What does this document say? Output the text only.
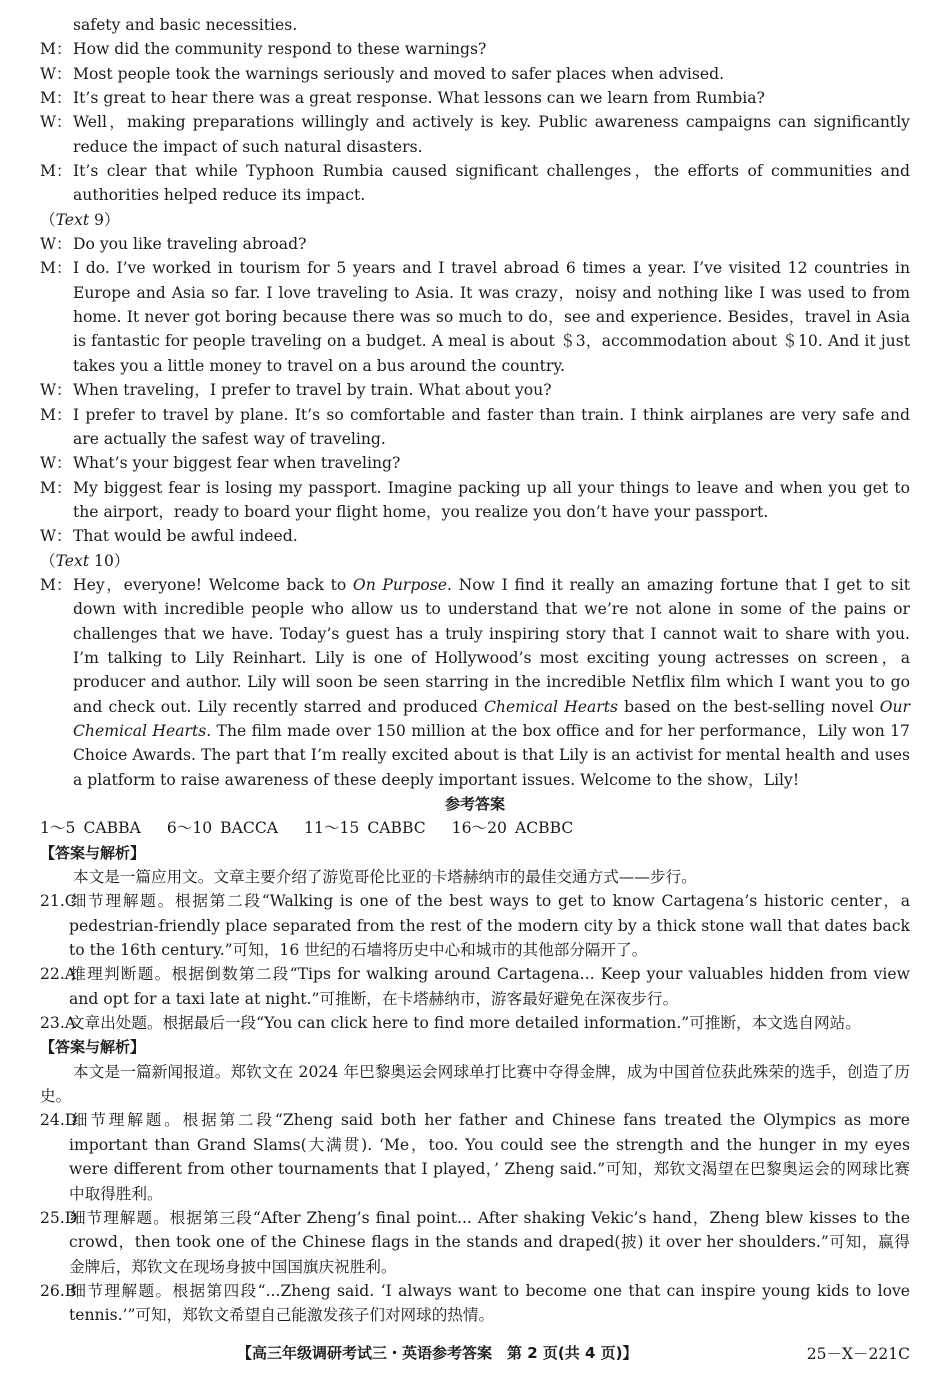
safety and basic necessities.
M：How did the community respond to these warnings?
W：Most people took the warnings seriously and moved to safer places when advised.
M：It’s great to hear there was a great response. What lessons can we learn from Rumbia?
W：Well，making preparations willingly and actively is key. Public awareness campaigns can significantly reduce the impact of such natural disasters.
M：It’s clear that while Typhoon Rumbia caused significant challenges，the efforts of communities and authorities helped reduce its impact.
（Text 9）
W：Do you like traveling abroad?
M：I do. I’ve worked in tourism for 5 years and I travel abroad 6 times a year. I’ve visited 12 countries in Europe and Asia so far. I love traveling to Asia. It was crazy，noisy and nothing like I was used to from home. It never got boring because there was so much to do，see and experience. Besides，travel in Asia is fantastic for people traveling on a budget. A meal is about ＄3，accommodation about ＄10. And it just takes you a little money to travel on a bus around the country.
W：When traveling，I prefer to travel by train. What about you?
M：I prefer to travel by plane. It’s so comfortable and faster than train. I think airplanes are very safe and are actually the safest way of traveling.
W：What’s your biggest fear when traveling?
M：My biggest fear is losing my passport. Imagine packing up all your things to leave and when you get to the airport，ready to board your flight home，you realize you don’t have your passport.
W：That would be awful indeed.
（Text 10）
M：Hey，everyone! Welcome back to On Purpose. Now I find it really an amazing fortune that I get to sit down with incredible people who allow us to understand that we’re not alone in some of the pains or challenges that we have. Today’s guest has a truly inspiring story that I cannot wait to share with you. I’m talking to Lily Reinhart. Lily is one of Hollywood’s most exciting young actresses on screen，a producer and author. Lily will soon be seen starring in the incredible Netflix film which I want you to go and check out. Lily recently starred and produced Chemical Hearts based on the best-selling novel Our Chemical Hearts. The film made over 150 million at the box office and for her performance，Lily won 17 Choice Awards. The part that I’m really excited about is that Lily is an activist for mental health and uses a platform to raise awareness of these deeply important issues. Welcome to the show，Lily!
参考答案
1～5 CABBA 6～10 BACCA 11～15 CABBC 16～20 ACBBC
【答案与解析】
本文是一篇应用文。文章主要介绍了游览哥伦比亚的卡塔赫纳市的最佳交通方式——步行。
21.C细节理解题。根据第二段“Walking is one of the best ways to get to know Cartagena’s historic center，a pedestrian-friendly place separated from the rest of the modern city by a thick stone wall that dates back to the 16th century.”可知，16 世纪的石墙将历史中心和城市的其他部分隔开了。
22.A推理判断题。根据倒数第二段“Tips for walking around Cartagena... Keep your valuables hidden from view and opt for a taxi late at night.”可推断，在卡塔赫纳市，游客最好避免在深夜步行。
23.A文章出处题。根据最后一段“You can click here to find more detailed information.”可推断，本文选自网站。
【答案与解析】
本文是一篇新闻报道。郑钦文在 2024 年巴黎奥运会网球单打比赛中夺得金牌，成为中国首位获此殊荣的选手，创造了历史。
24.D细节理解题。根据第二段“Zheng said both her father and Chinese fans treated the Olympics as more important than Grand Slams(大满贯). ‘Me，too. You could see the strength and the hunger in my eyes were different from other tournaments that I played，’ Zheng said.”可知，郑钦文渴望在巴黎奥运会的网球比赛中取得胜利。
25.D细节理解题。根据第三段“After Zheng’s final point... After shaking Vekic’s hand，Zheng blew kisses to the crowd，then took one of the Chinese flags in the stands and draped(披) it over her shoulders.”可知，赢得金牌后，郑钦文在现场身披中国国旗庆祝胜利。
26.B细节理解题。根据第四段“...Zheng said. ‘I always want to become one that can inspire young kids to love tennis.’”可知，郑钦文希望自己能激发孩子们对网球的热情。
【高三年级调研考试三・英语参考答案　第 2 页(共 4 页)】	25－X－221C
